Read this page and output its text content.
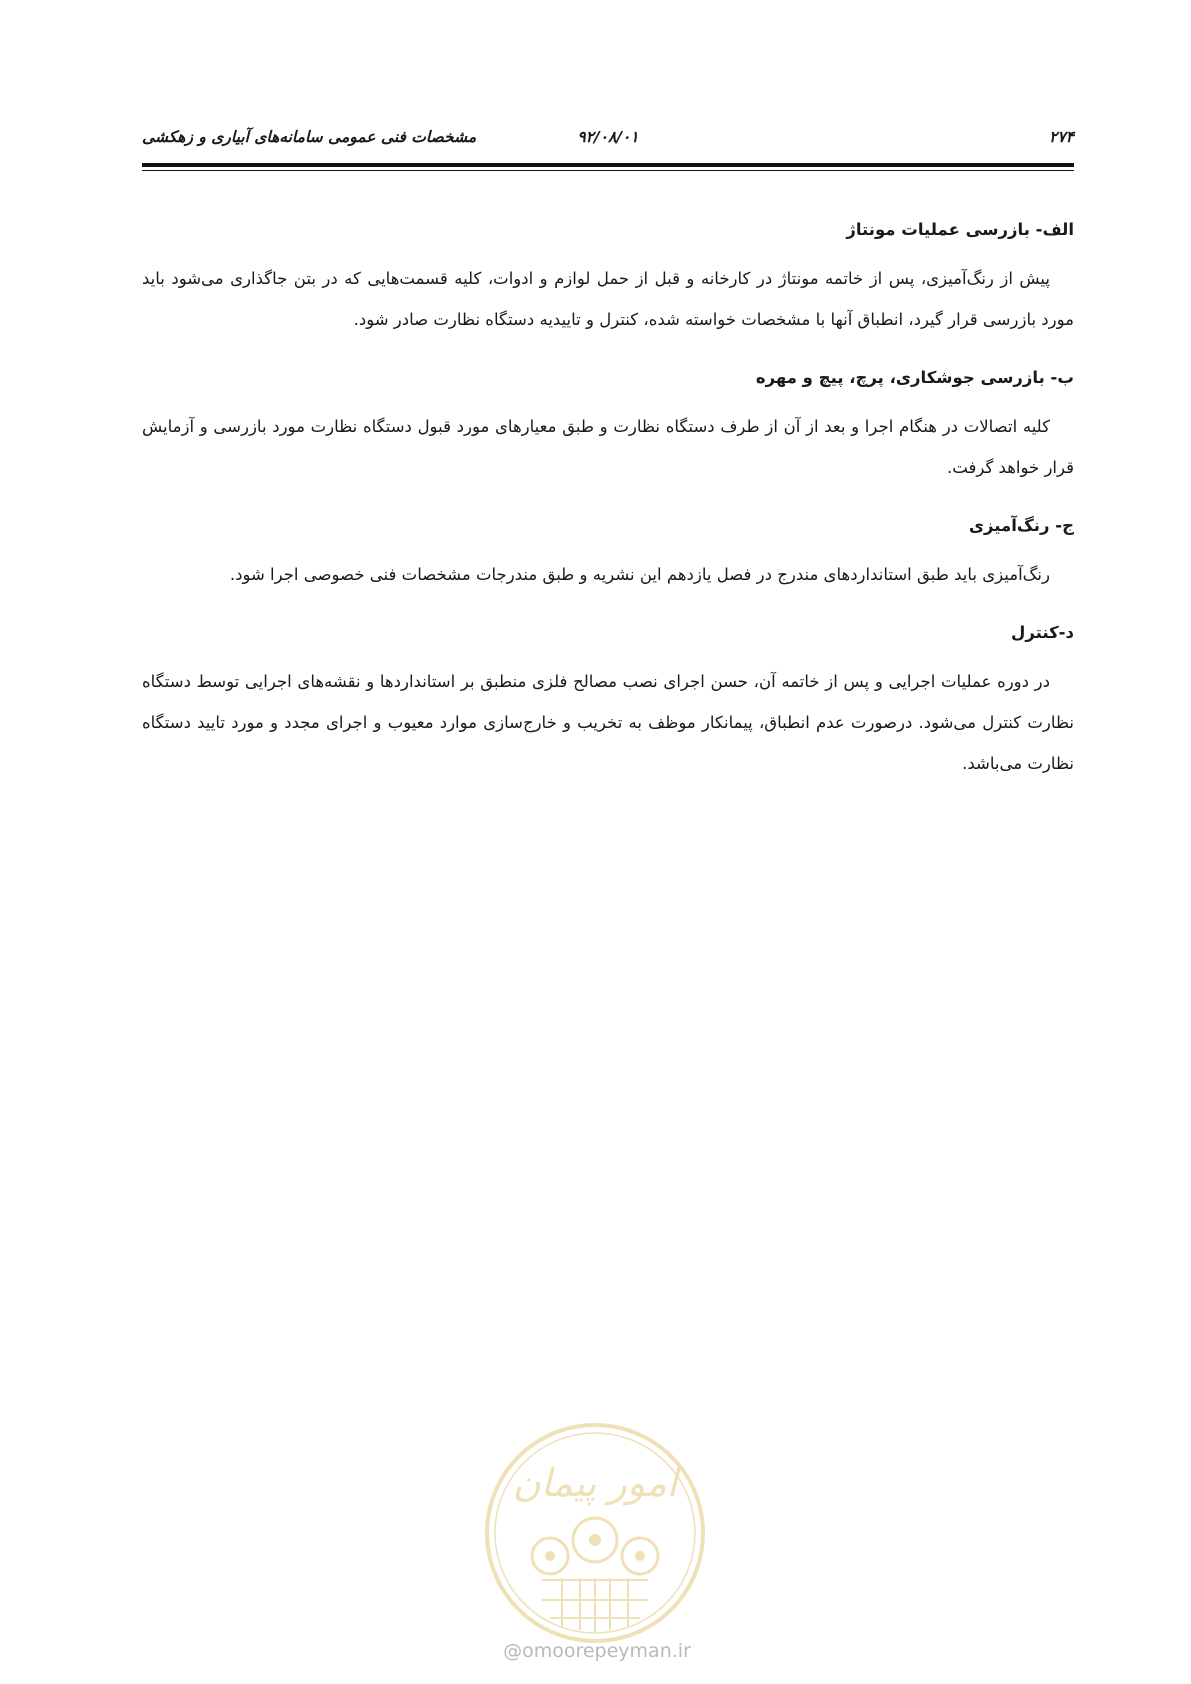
۲۷۴
۹۲/۰۸/۰۱
مشخصات فنی عمومی سامانه‌های آبیاری و زهکشی
الف- بازرسی عملیات مونتاژ

پیش از رنگ‌آمیزی، پس از خاتمه مونتاژ در کارخانه و قبل از حمل لوازم و ادوات، کلیه قسمت‌هایی که در بتن جاگذاری می‌شود باید مورد بازرسی قرار گیرد، انطباق آنها با مشخصات خواسته شده، کنترل و تاییدیه دستگاه نظارت صادر شود.

ب- بازرسی جوشکاری، پرچ، پیچ و مهره

کلیه اتصالات در هنگام اجرا و بعد از آن از طرف دستگاه نظارت و طبق معیارهای مورد قبول دستگاه نظارت مورد بازرسی و آزمایش قرار خواهد گرفت.

ج- رنگ‌آمیزی

رنگ‌آمیزی باید طبق استانداردهای مندرج در فصل یازدهم این نشریه و طبق مندرجات مشخصات فنی خصوصی اجرا شود.

د-کنترل

در دوره عملیات اجرایی و پس از خاتمه آن، حسن اجرای نصب مصالح فلزی منطبق بر استانداردها و نقشه‌های اجرایی توسط دستگاه نظارت کنترل می‌شود. درصورت عدم انطباق، پیمانکار موظف به تخریب و خارج‌سازی موارد معیوب و اجرای مجدد و مورد تایید دستگاه نظارت می‌باشد.

امور پیمان
@omoorepeyman.ir
